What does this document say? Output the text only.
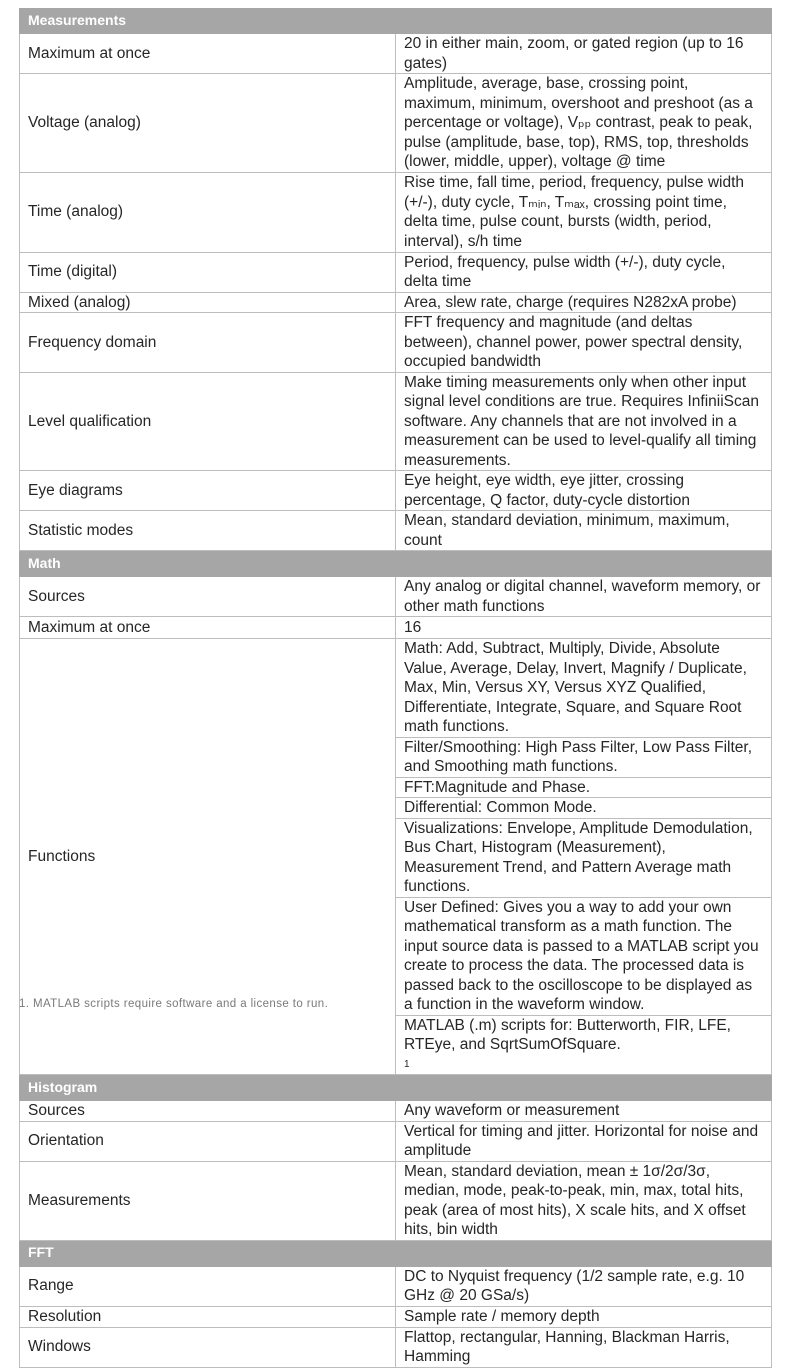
Measurements	
Maximum at once	20 in either main, zoom, or gated region (up to 16 gates)
Voltage (analog)	Amplitude, average, base, crossing point, maximum, minimum, overshoot and preshoot (as a percentage or voltage), Vₚₚ contrast, peak to peak, pulse (amplitude, base, top), RMS, top, thresholds (lower, middle, upper), voltage @ time
Time (analog)	Rise time, fall time, period, frequency, pulse width (+/-), duty cycle, Tₘᵢₙ, Tₘₐₓ, crossing point time, delta time, pulse count, bursts (width, period, interval), s/h time
Time (digital)	Period, frequency, pulse width (+/-), duty cycle, delta time
Mixed (analog)	Area, slew rate, charge (requires N282xA probe)
Frequency domain	FFT frequency and magnitude (and deltas between), channel power, power spectral density, occupied bandwidth
Level qualification	Make timing measurements only when other input signal level conditions are true. Requires InfiniiScan software. Any channels that are not involved in a measurement can be used to level-qualify all timing measurements.
Eye diagrams	Eye height, eye width, eye jitter, crossing percentage, Q factor, duty-cycle distortion
Statistic modes	Mean, standard deviation, minimum, maximum, count
Math	
Sources	Any analog or digital channel, waveform memory, or other math functions
Maximum at once	16
Functions	Math: Add, Subtract, Multiply, Divide, Absolute Value, Average, Delay, Invert, Magnify / Duplicate, Max, Min, Versus XY, Versus XYZ Qualified, Differentiate, Integrate, Square, and Square Root math functions.
	Filter/Smoothing: High Pass Filter, Low Pass Filter, and Smoothing math functions.
	FFT:Magnitude and Phase.
	Differential: Common Mode.
	Visualizations: Envelope, Amplitude Demodulation, Bus Chart, Histogram (Measurement), Measurement Trend, and Pattern Average math functions.
	User Defined: Gives you a way to add your own mathematical transform as a math function. The input source data is passed to a MATLAB script you create to process the data. The processed data is passed back to the oscilloscope to be displayed as a function in the waveform window.
	MATLAB (.m) scripts for: Butterworth, FIR, LFE, RTEye, and SqrtSumOfSquare.
$^1$
Histogram	
Sources	Any waveform or measurement
Orientation	Vertical for timing and jitter. Horizontal for noise and amplitude
Measurements	Mean, standard deviation, mean ± 1σ/2σ/3σ, median, mode, peak-to-peak, min, max, total hits, peak (area of most hits), X scale hits, and X offset hits, bin width
FFT	
Range	DC to Nyquist frequency (1/2 sample rate, e.g. 10 GHz @ 20 GSa/s)
Resolution	Sample rate / memory depth
Windows	Flattop, rectangular, Hanning, Blackman Harris, Hamming
1. MATLAB scripts require software and a license to run.
